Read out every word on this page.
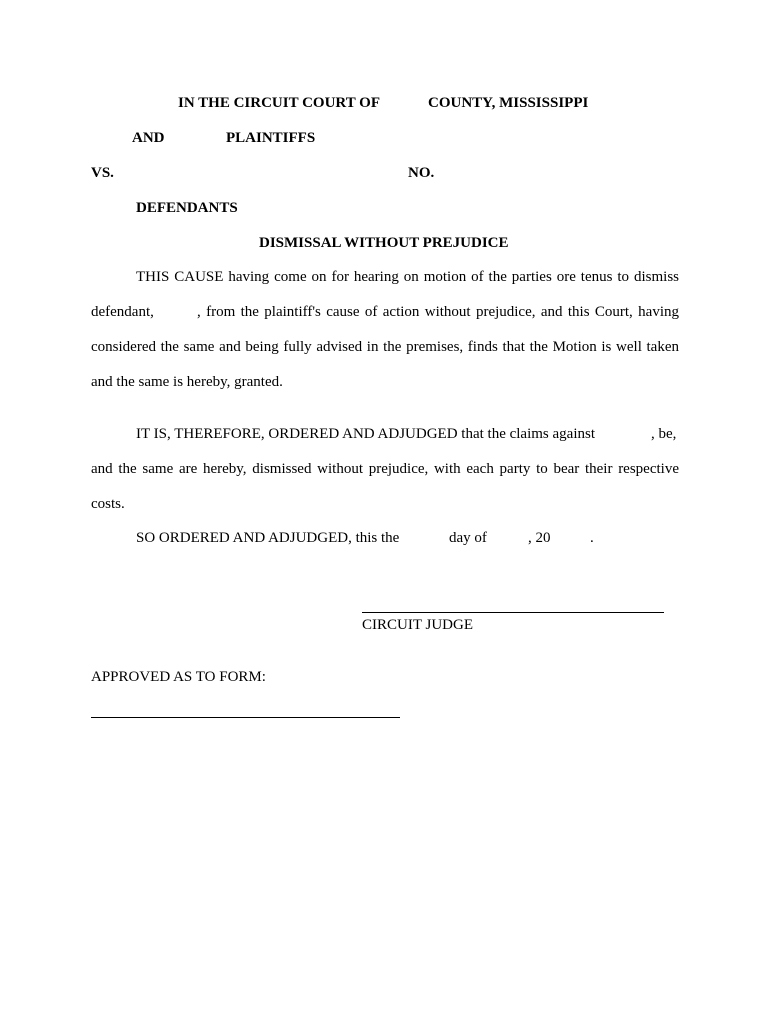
IN THE CIRCUIT COURT OF	COUNTY, MISSISSIPPI
AND	PLAINTIFFS
VS.	NO.
DEFENDANTS
DISMISSAL WITHOUT PREJUDICE
THIS CAUSE having come on for hearing on motion of the parties ore tenus to dismiss
defendant,	, from the plaintiff's cause of action without prejudice, and this Court, having
considered the same and being fully advised in the premises, finds that the Motion is well taken
and the same is hereby, granted.
IT IS, THEREFORE, ORDERED AND ADJUDGED that the claims against	, be,
and the same are hereby, dismissed without prejudice, with each party to bear their respective
costs.
SO ORDERED AND ADJUDGED, this the	day of	, 20	.
CIRCUIT JUDGE
APPROVED AS TO FORM:
